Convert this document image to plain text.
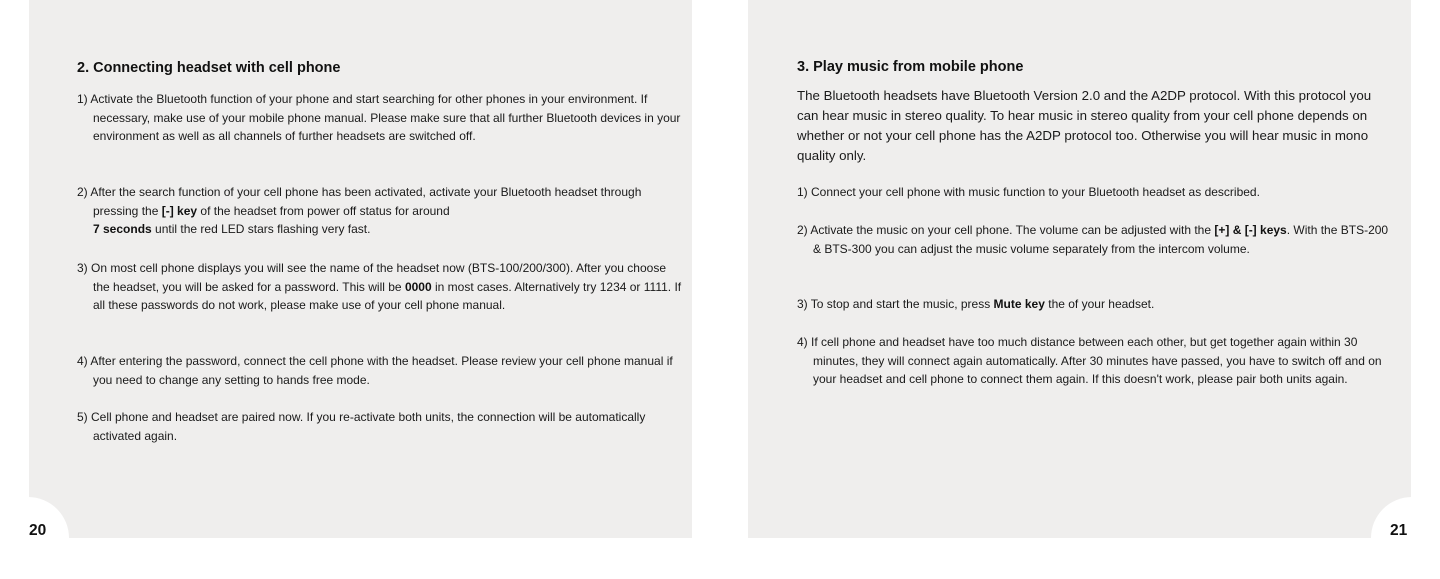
2. Connecting headset with cell phone
1) Activate the Bluetooth function of your phone and start searching for other phones in your environment. If necessary, make use of your mobile phone manual. Please make sure that all further Bluetooth devices in your environment as well as all channels of further headsets are switched off.
2) After the search function of your cell phone has been activated, activate your Bluetooth headset through pressing the [-] key of the headset from power off status for around
7 seconds until the red LED stars flashing very fast.
3) On most cell phone displays you will see the name of the headset now (BTS-100/200/300). After you choose the headset, you will be asked for a password. This will be 0000 in most cases. Alternatively try 1234 or 1111. If all these passwords do not work, please make use of your cell phone manual.
4) After entering the password, connect the cell phone with the headset. Please review your cell phone manual if you need to change any setting to hands free mode.
5) Cell phone and headset are paired now. If you re-activate both units, the connection will be automatically activated again.
3. Play music from mobile phone
The Bluetooth headsets have Bluetooth Version 2.0 and the A2DP protocol. With this protocol you can hear music in stereo quality. To hear music in stereo quality from your cell phone depends on whether or not your cell phone has the A2DP protocol too. Otherwise you will hear music in mono quality only.
1) Connect your cell phone with music function to your Bluetooth headset as described.
2) Activate the music on your cell phone. The volume can be adjusted with the [+] & [-] keys. With the BTS-200 & BTS-300 you can adjust the music volume separately from the intercom volume.
3) To stop and start the music, press Mute key the of your headset.
4) If cell phone and headset have too much distance between each other, but get together again within 30 minutes, they will connect again automatically. After 30 minutes have passed, you have to switch off and on your headset and cell phone to connect them again. If this doesn't work, please pair both units again.
20	21
